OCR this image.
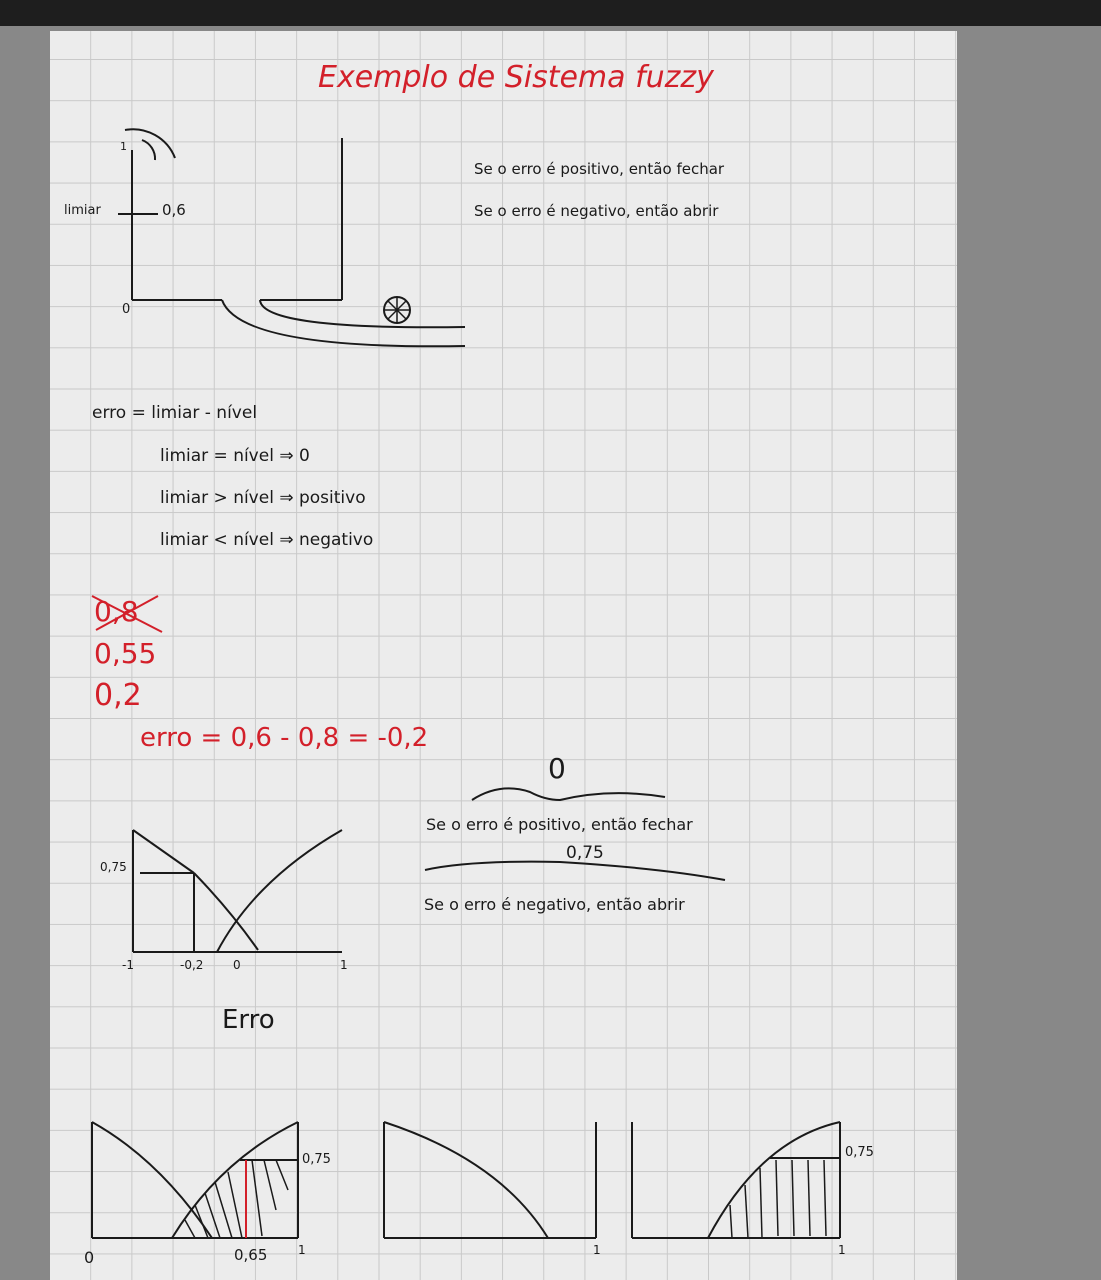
Exemplo de Sistema fuzzy
limiar
1
0,6
0
Se o erro é positivo, então fechar
Se o erro é negativo, então abrir
erro = limiar - nível
limiar = nível ⇒ 0
limiar > nível ⇒ positivo
limiar < nível ⇒ negativo
0,8
0,55
0,2
erro = 0,6 - 0,8 = -0,2
0
Se o erro é positivo, então fechar
0,75
Se o erro é negativo, então abrir
0,75
-1	-0,2 0	1
Erro
0	0,65	1
0,75
1	1
0,75
